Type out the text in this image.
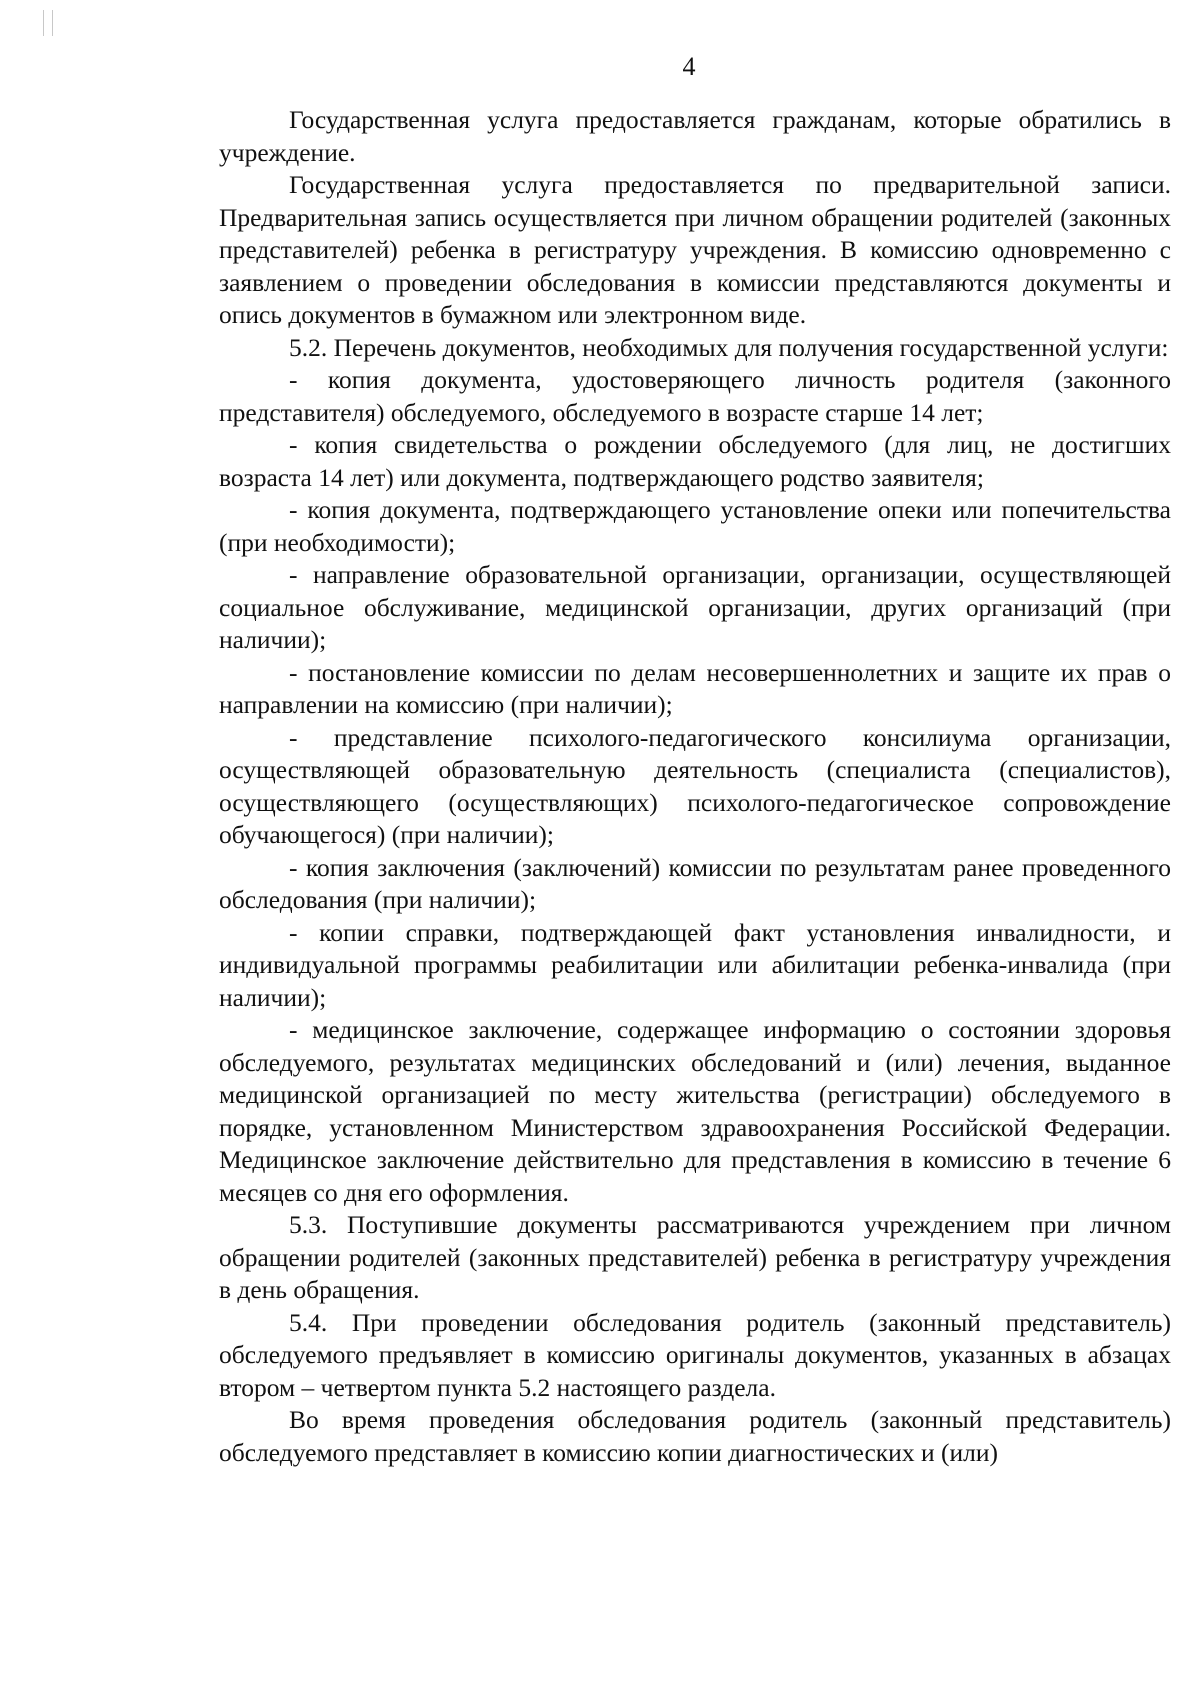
4

Государственная услуга предоставляется гражданам, которые обратились в учреждение.

Государственная услуга предоставляется по предварительной записи. Предварительная запись осуществляется при личном обращении родителей (законных представителей) ребенка в регистратуру учреждения. В комиссию одновременно с заявлением о проведении обследования в комиссии представляются документы и опись документов в бумажном или электронном виде.

5.2. Перечень документов, необходимых для получения государственной услуги:

- копия документа, удостоверяющего личность родителя (законного представителя) обследуемого, обследуемого в возрасте старше 14 лет;

- копия свидетельства о рождении обследуемого (для лиц, не достигших возраста 14 лет) или документа, подтверждающего родство заявителя;

- копия документа, подтверждающего установление опеки или попечительства (при необходимости);

- направление образовательной организации, организации, осуществляющей социальное обслуживание, медицинской организации, других организаций (при наличии);

- постановление комиссии по делам несовершеннолетних и защите их прав о направлении на комиссию (при наличии);

- представление психолого-педагогического консилиума организации, осуществляющей образовательную деятельность (специалиста (специалистов), осуществляющего (осуществляющих) психолого-педагогическое сопровождение обучающегося) (при наличии);

- копия заключения (заключений) комиссии по результатам ранее проведенного обследования (при наличии);

- копии справки, подтверждающей факт установления инвалидности, и индивидуальной программы реабилитации или абилитации ребенка-инвалида (при наличии);

- медицинское заключение, содержащее информацию о состоянии здоровья обследуемого, результатах медицинских обследований и (или) лечения, выданное медицинской организацией по месту жительства (регистрации) обследуемого в порядке, установленном Министерством здравоохранения Российской Федерации. Медицинское заключение действительно для представления в комиссию в течение 6 месяцев со дня его оформления.

5.3. Поступившие документы рассматриваются учреждением при личном обращении родителей (законных представителей) ребенка в регистратуру учреждения в день обращения.

5.4. При проведении обследования родитель (законный представитель) обследуемого предъявляет в комиссию оригиналы документов, указанных в абзацах втором – четвертом пункта 5.2 настоящего раздела.

Во время проведения обследования родитель (законный представитель) обследуемого представляет в комиссию копии диагностических и (или)
